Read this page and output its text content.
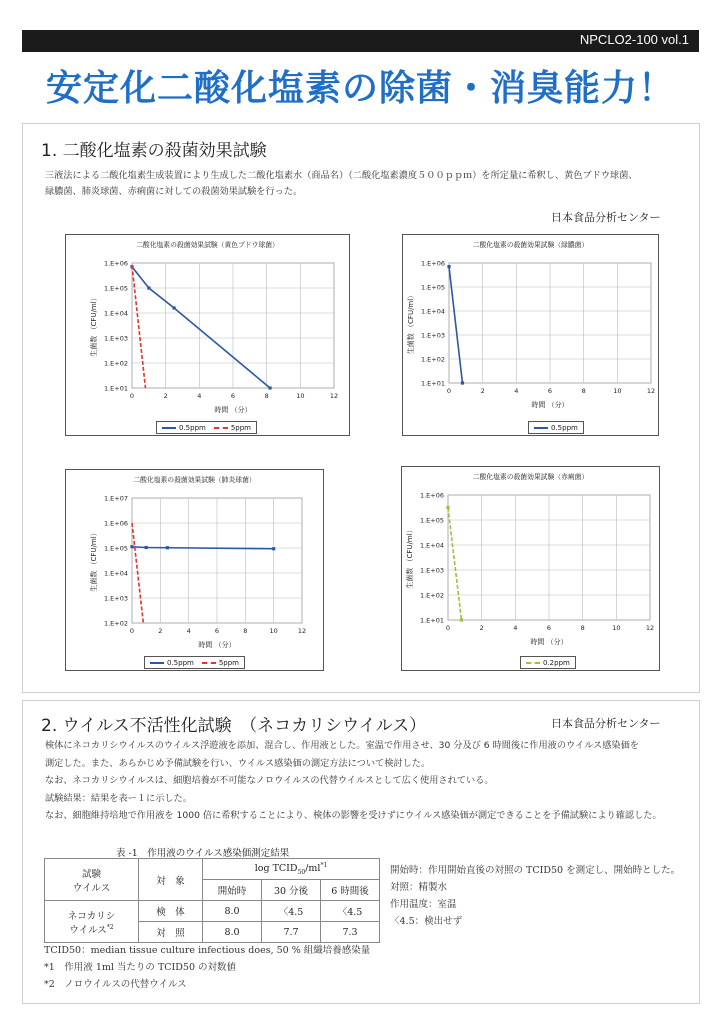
NPCLO2-100 vol.1
安定化二酸化塩素の除菌・消臭能力！
1. 二酸化塩素の殺菌効果試験
三液法による二酸化塩素生成装置により生成した二酸化塩素水（商品名）（二酸化塩素濃度５００ｐｐｍ）を所定量に希釈し、黄色ブドウ球菌、
緑膿菌、肺炎球菌、赤痢菌に対しての殺菌効果試験を行った。
日本食品分析センター
二酸化塩素の殺菌効果試験（黄色ブドウ球菌）
0	2	4	6	8	10	12
1.E+06
1.E+05
1.E+04
1.E+03
1.E+02
1.E+01
時間 （分）
生菌数 （CFU/ml）
0.5ppm	5ppm
二酸化塩素の殺菌効果試験（緑膿菌）
0	2	4	6	8	10	12
1.E+06
1.E+05
1.E+04
1.E+03
1.E+02
1.E+01
時間 （分）
生菌数 （CFU/ml）
0.5ppm
二酸化塩素の殺菌効果試験（肺炎球菌）
0	2	4	6	8	10	12
1.E+07
1.E+06
1.E+05
1.E+04
1.E+03
1.E+02
時間 （分）
生菌数 （CFU/ml）
0.5ppm	5ppm
二酸化塩素の殺菌効果試験（赤痢菌）
0	2	4	6	8	10	12
1.E+06
1.E+05
1.E+04
1.E+03
1.E+02
1.E+01
時間 （分）
生菌数 （CFU/ml）
0.2ppm
2. ウイルス不活性化試験　（ネコカリシウイルス）	日本食品分析センター
検体にネコカリシウイルスのウイルス浮遊液を添加、混合し、作用液とした。室温で作用させ、30 分及び 6 時間後に作用液のウイルス感染価を
測定した。また、あらかじめ予備試験を行い、ウイルス感染価の測定方法について検討した。
なお、ネコカリシウイルスは、細胞培養が不可能なノロウイルスの代替ウイルスとして広く使用されている。
試験結果：結果を表ー１に示した。
なお、細胞維持培地で作用液を 1000 倍に希釈することにより、検体の影響を受けずにウイルス感染価が測定できることを予備試験により確認した。
表 -1　作用液のウイルス感染価測定結果
試験
ウイルス	対　象	$\log TCID_{50}/ml^{*1}$
		開始時	30 分後	6 時間後

ネコカリシ
ウイルス$^{*2}$	検　体	8.0	〈4.5	〈4.5
	対　照	8.0	7.7	7.3
開始時：作用開始直後の対照の TCID50 を測定し、開始時とした。
対照：精製水
作用温度：室温
〈4.5：検出せず
TCID50：median tissue culture infectious does, 50 % 組織培養感染量
*1　作用液 1ml 当たりの TCID50 の対数値
*2　ノロウイルスの代替ウイルス
